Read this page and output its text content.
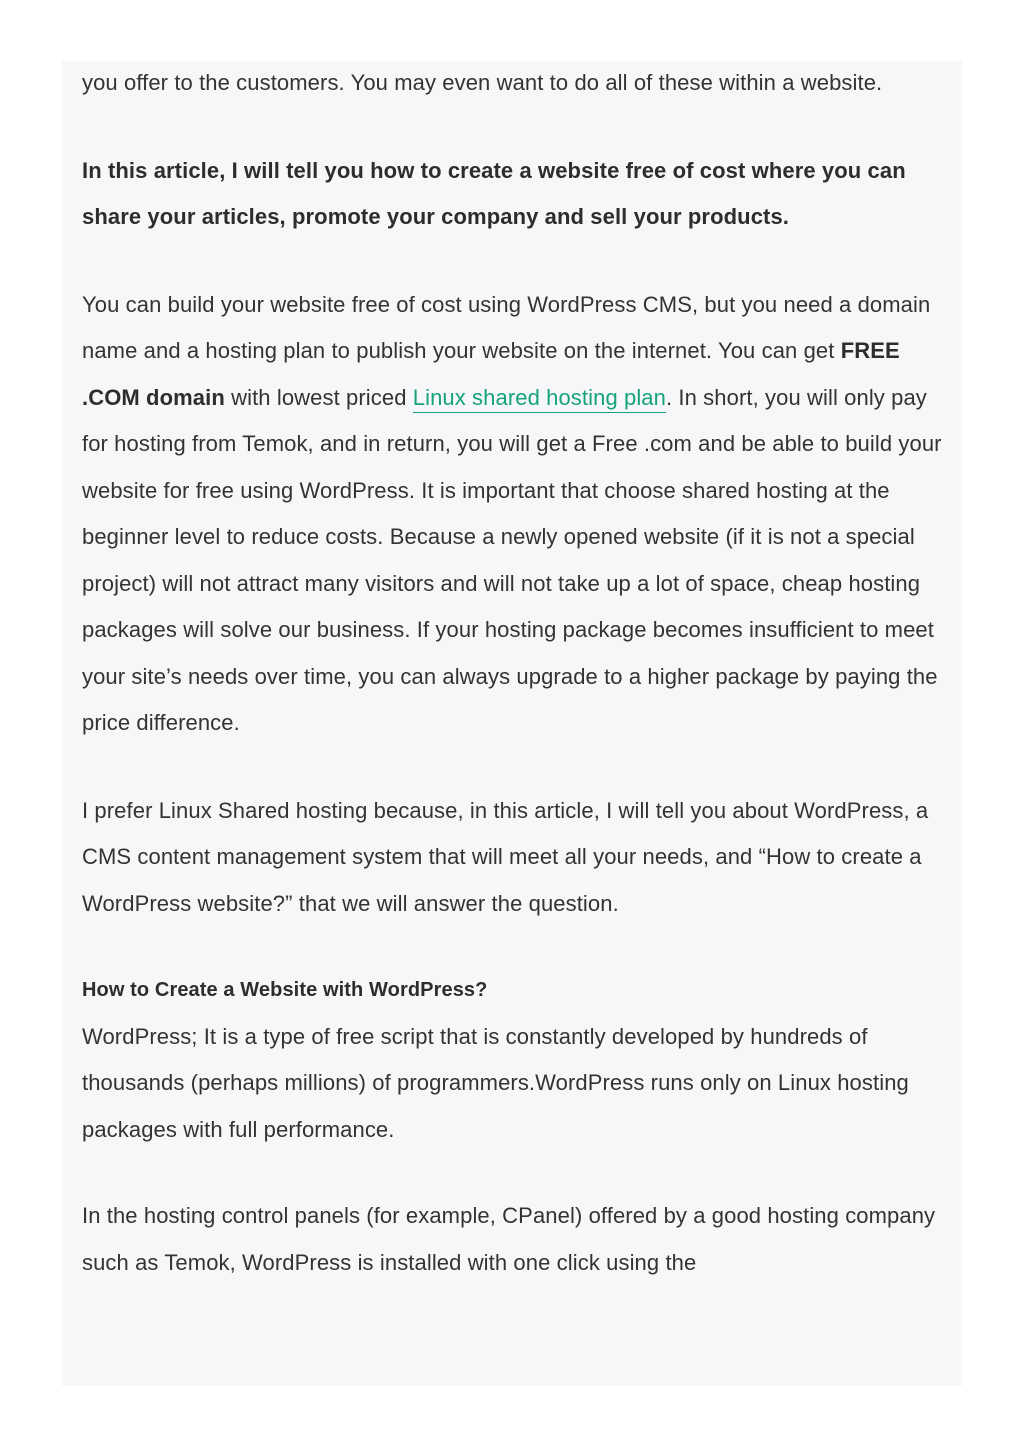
you offer to the customers. You may even want to do all of these within a website.

In this article, I will tell you how to create a website free of cost where you can share your articles, promote your company and sell your products.

You can build your website free of cost using WordPress CMS, but you need a domain name and a hosting plan to publish your website on the internet. You can get FREE .COM domain with lowest priced Linux shared hosting plan. In short, you will only pay for hosting from Temok, and in return, you will get a Free .com and be able to build your website for free using WordPress. It is important that choose shared hosting at the beginner level to reduce costs. Because a newly opened website (if it is not a special project) will not attract many visitors and will not take up a lot of space, cheap hosting packages will solve our business. If your hosting package becomes insufficient to meet your site’s needs over time, you can always upgrade to a higher package by paying the price difference.

I prefer Linux Shared hosting because, in this article, I will tell you about WordPress, a CMS content management system that will meet all your needs, and “How to create a WordPress website?” that we will answer the question.

How to Create a Website with WordPress?

WordPress; It is a type of free script that is constantly developed by hundreds of thousands (perhaps millions) of programmers.WordPress runs only on Linux hosting packages with full performance.

In the hosting control panels (for example, CPanel) offered by a good hosting company such as Temok, WordPress is installed with one click using the
